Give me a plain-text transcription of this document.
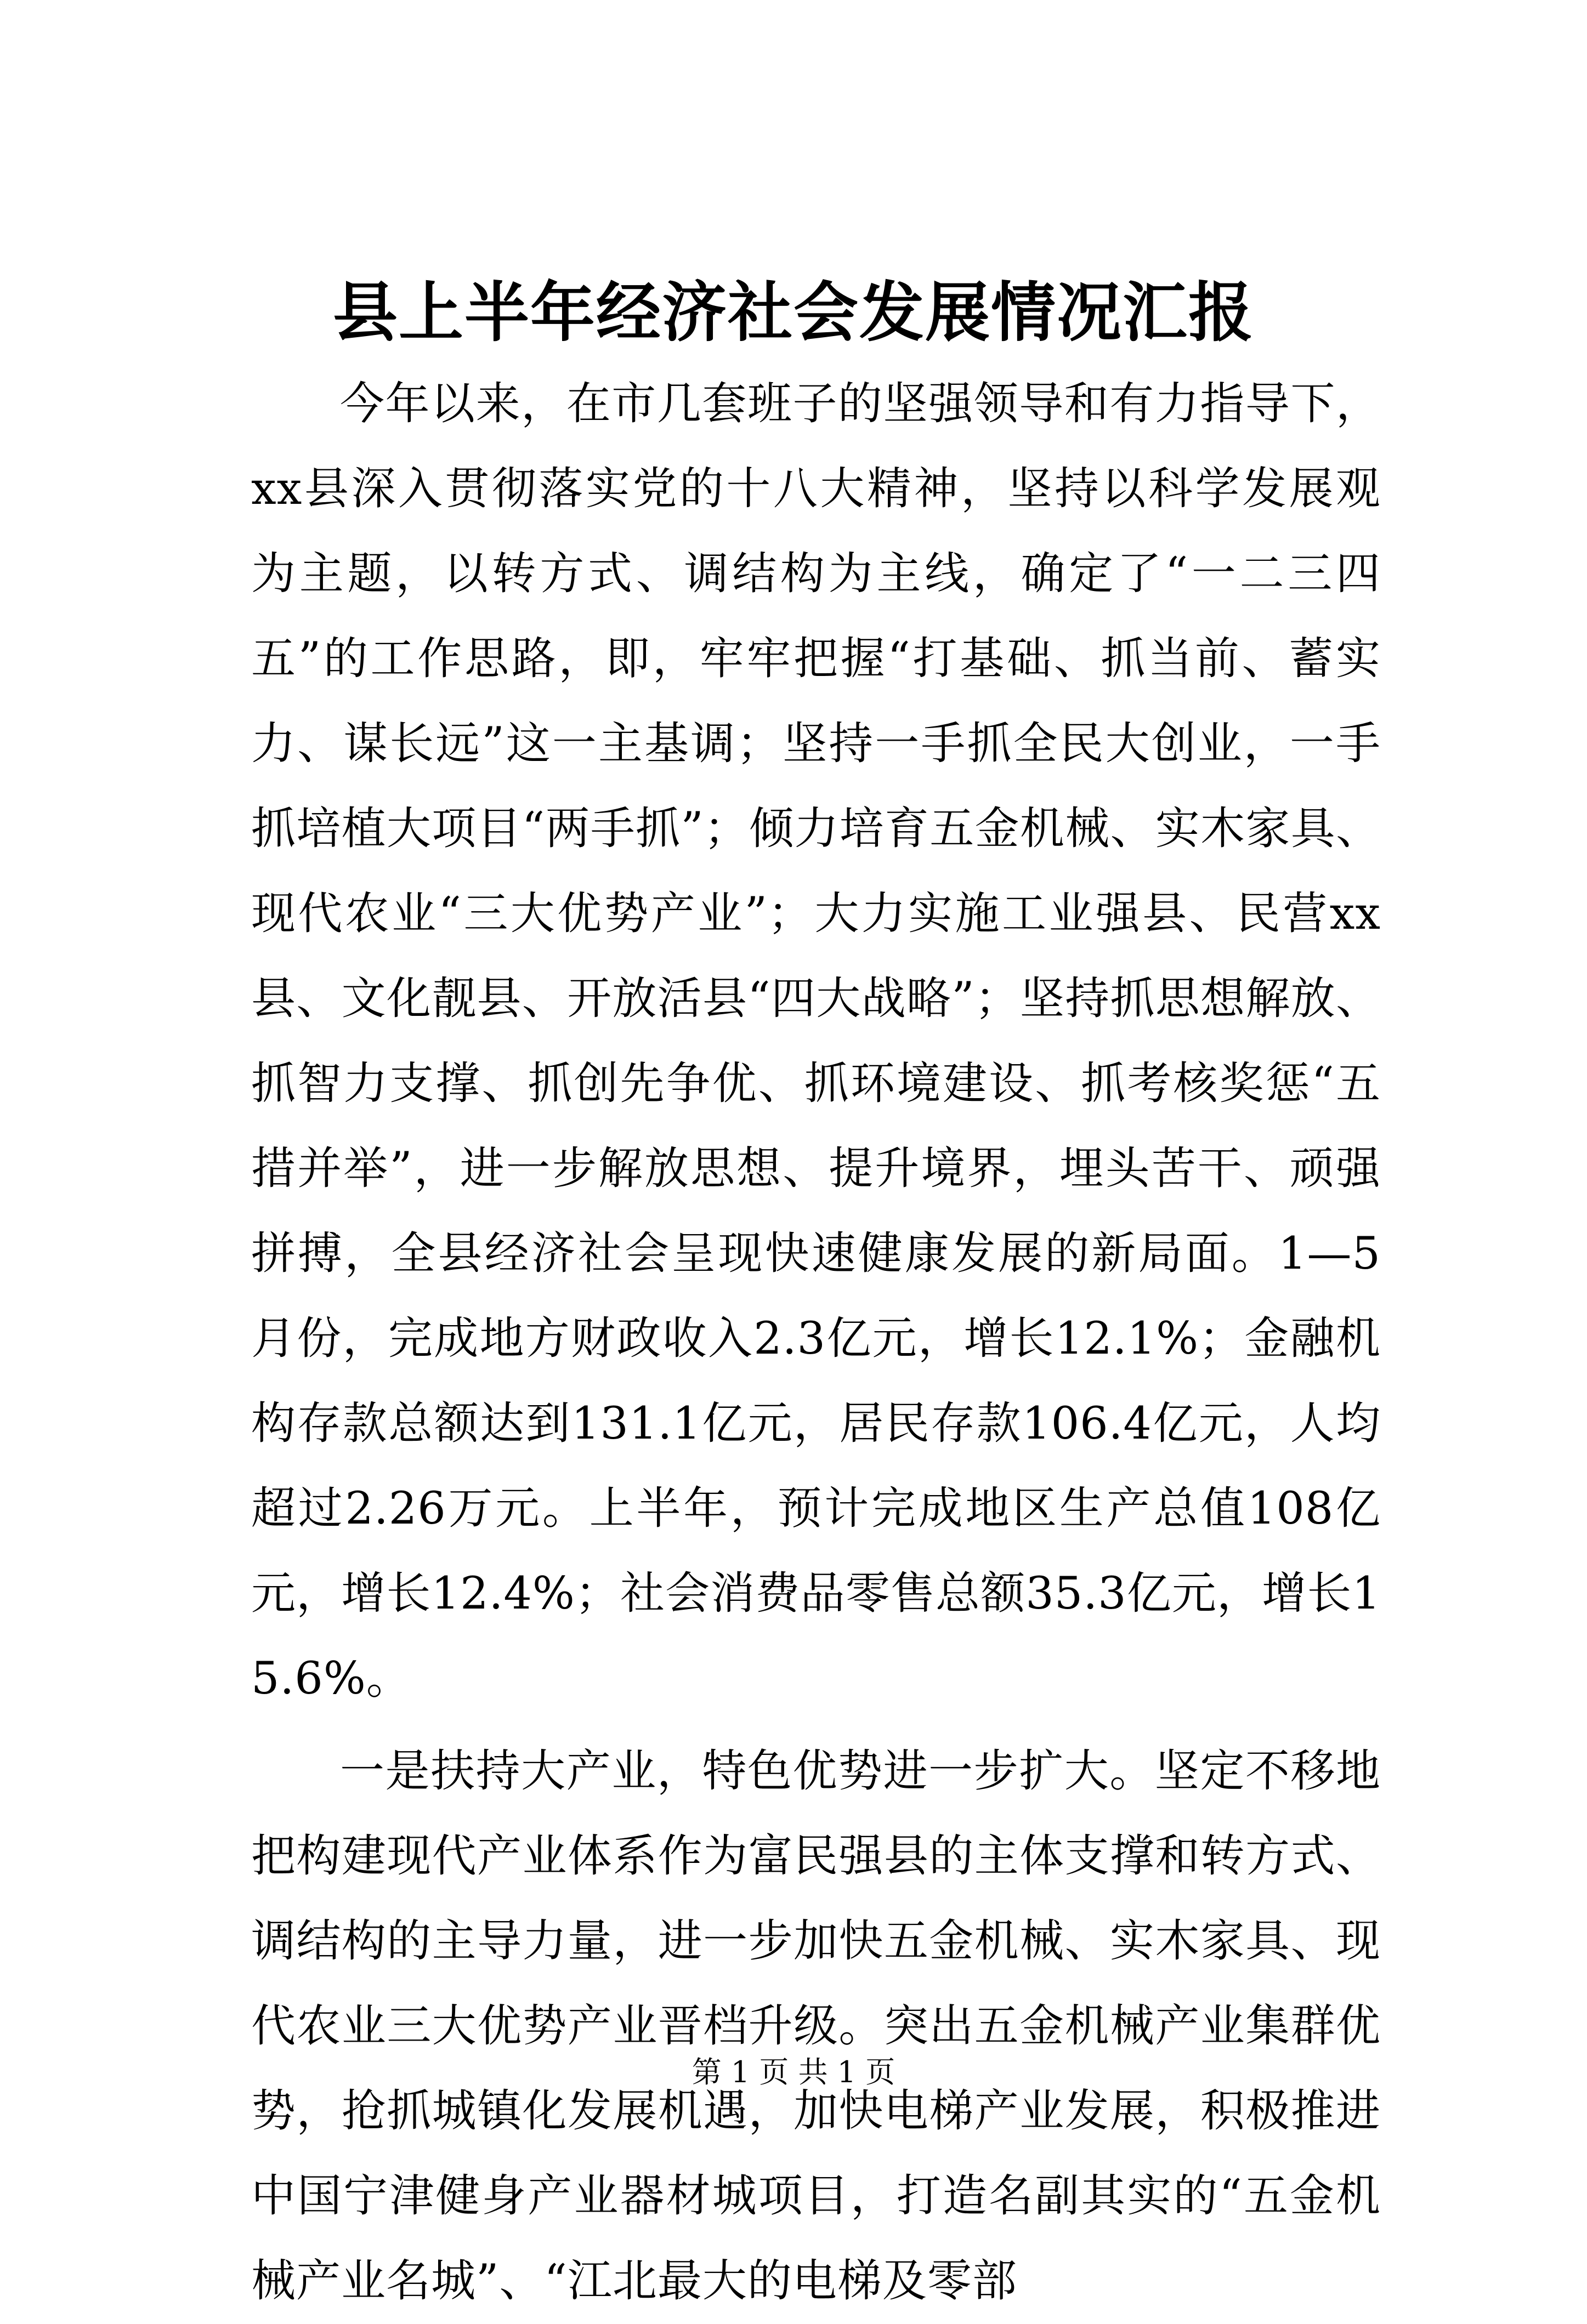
县上半年经济社会发展情况汇报

今年以来，在市几套班子的坚强领导和有力指导下，xx县深入贯彻落实党的十八大精神，坚持以科学发展观为主题，以转方式、调结构为主线，确定了“一二三四五”的工作思路，即，牢牢把握“打基础、抓当前、蓄实力、谋长远”这一主基调；坚持一手抓全民大创业，一手抓培植大项目“两手抓”；倾力培育五金机械、实木家具、现代农业“三大优势产业”；大力实施工业强县、民营xx县、文化靓县、开放活县“四大战略”；坚持抓思想解放、抓智力支撑、抓创先争优、抓环境建设、抓考核奖惩“五措并举”，进一步解放思想、提升境界，埋头苦干、顽强拼搏，全县经济社会呈现快速健康发展的新局面。1—5月份，完成地方财政收入2.3亿元，增长12.1%；金融机构存款总额达到131.1亿元，居民存款106.4亿元，人均超过2.26万元。上半年，预计完成地区生产总值108亿元，增长12.4%；社会消费品零售总额35.3亿元，增长15.6%。

一是扶持大产业，特色优势进一步扩大。坚定不移地把构建现代产业体系作为富民强县的主体支撑和转方式、调结构的主导力量，进一步加快五金机械、实木家具、现代农业三大优势产业晋档升级。突出五金机械产业集群优势，抢抓城镇化发展机遇，加快电梯产业发展，积极推进中国宁津健身产业器材城项目，打造名副其实的“五金机械产业名城”、“江北最大的电梯及零部

第 1 页 共 1 页
